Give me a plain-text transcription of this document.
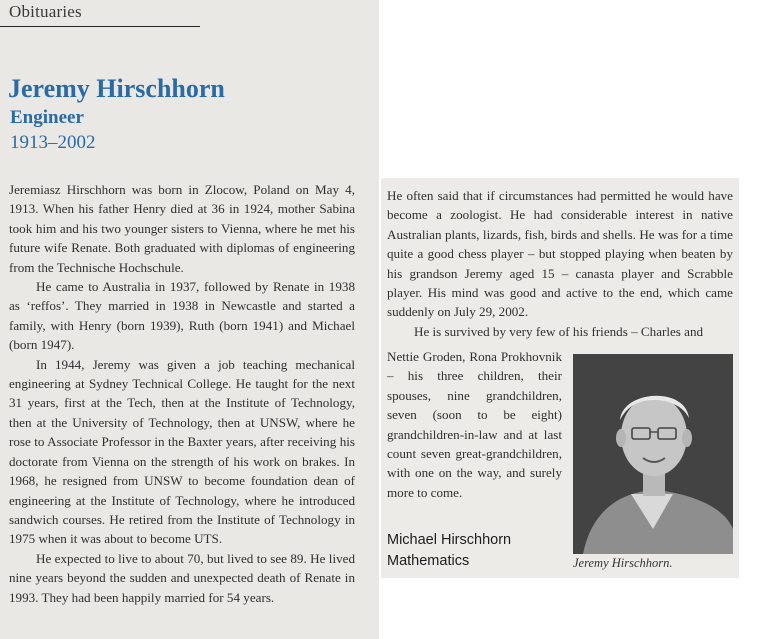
Obituaries
Jeremy Hirschhorn
Engineer
1913–2002

Jeremiasz Hirschhorn was born in Zlocow, Poland on May 4, 1913. When his father Henry died at 36 in 1924, mother Sabina took him and his two younger sisters to Vienna, where he met his future wife Renate. Both graduated with diplomas of engineering from the Technische Hochschule.

He came to Australia in 1937, followed by Renate in 1938 as ‘reffos’. They married in 1938 in Newcastle and started a family, with Henry (born 1939), Ruth (born 1941) and Michael (born 1947).

In 1944, Jeremy was given a job teaching mechanical engineering at Sydney Technical College. He taught for the next 31 years, first at the Tech, then at the Institute of Technology, then at the University of Technology, then at UNSW, where he rose to Associate Professor in the Baxter years, after receiving his doctorate from Vienna on the strength of his work on brakes. In 1968, he resigned from UNSW to become foundation dean of engineering at the Institute of Technology, where he introduced sandwich courses. He retired from the Institute of Technology in 1975 when it was about to become UTS.

He expected to live to about 70, but lived to see 89. He lived nine years beyond the sudden and unexpected death of Renate in 1993. They had been happily married for 54 years.

He often said that if circumstances had permitted he would have become a zoologist. He had considerable interest in native Australian plants, lizards, fish, birds and shells. He was for a time quite a good chess player – but stopped playing when beaten by his grandson Jeremy aged 15 – canasta player and Scrabble player. His mind was good and active to the end, which came suddenly on July 29, 2002.

He is survived by very few of his friends – Charles and

Nettie Groden, Rona Prokhovnik – his three children, their spouses, nine grandchildren, seven (soon to be eight) grandchildren-in-law and at last count seven great-grandchildren, with one on the way, and surely more to come.

Jeremy Hirschhorn.
Michael Hirschhorn
Mathematics
